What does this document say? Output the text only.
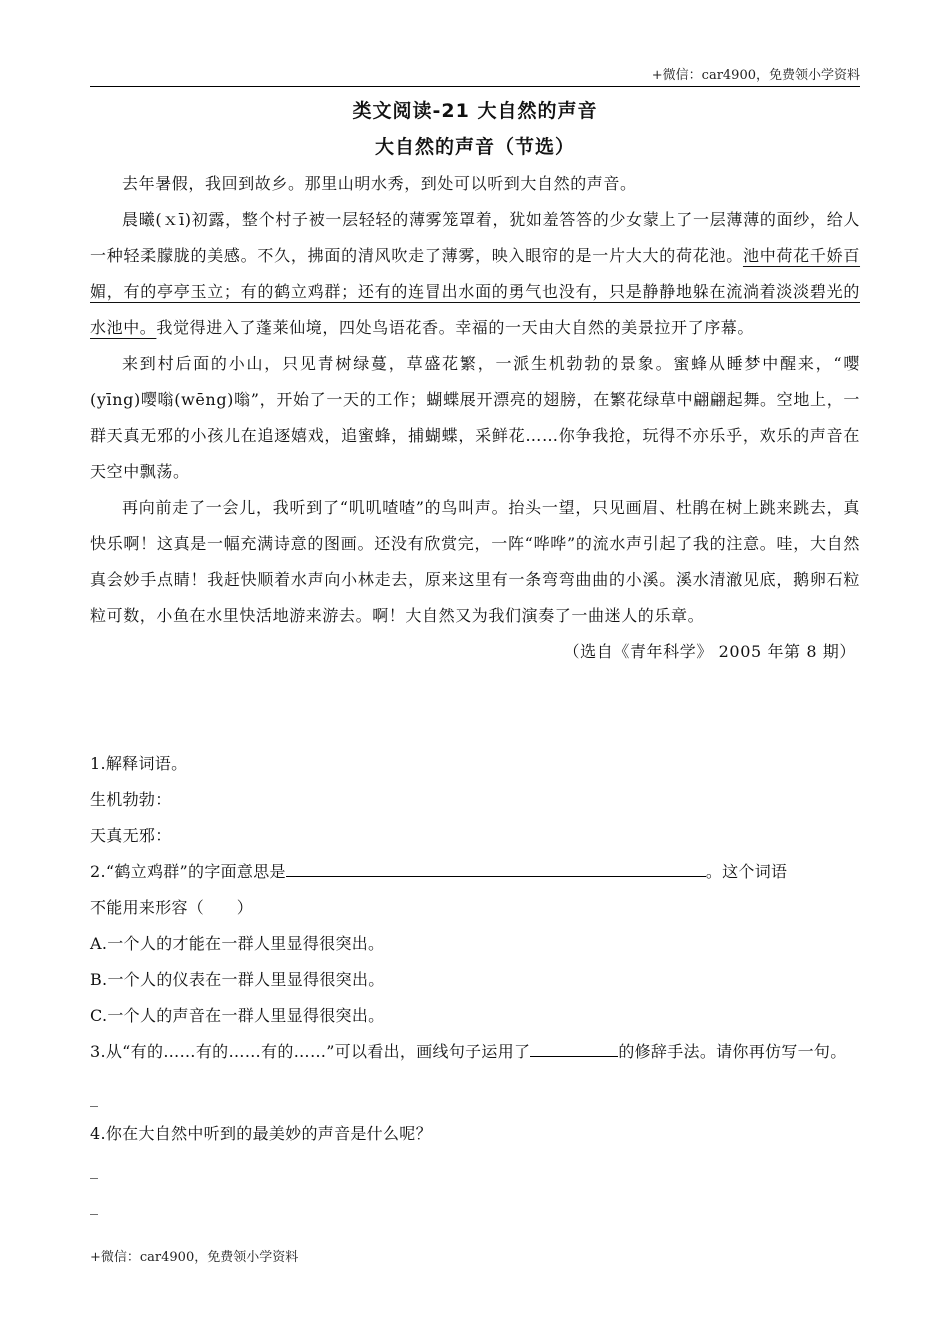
+微信：car4900，免费领小学资料
类文阅读-21 大自然的声音
大自然的声音（节选）

去年暑假，我回到故乡。那里山明水秀，到处可以听到大自然的声音。

晨曦(ｘī)初露，整个村子被一层轻轻的薄雾笼罩着，犹如羞答答的少女蒙上了一层薄薄的面纱，给人一种轻柔朦胧的美感。不久，拂面的清风吹走了薄雾，映入眼帘的是一片大大的荷花池。池中荷花千娇百媚，有的亭亭玉立；有的鹤立鸡群；还有的连冒出水面的勇气也没有，只是静静地躲在流淌着淡淡碧光的水池中。我觉得进入了蓬莱仙境，四处鸟语花香。幸福的一天由大自然的美景拉开了序幕。

来到村后面的小山，只见青树绿蔓，草盛花繁，一派生机勃勃的景象。蜜蜂从睡梦中醒来，“嘤(yīng)嘤嗡(wēng)嗡”，开始了一天的工作；蝴蝶展开漂亮的翅膀，在繁花绿草中翩翩起舞。空地上，一群天真无邪的小孩儿在追逐嬉戏，追蜜蜂，捕蝴蝶，采鲜花……你争我抢，玩得不亦乐乎，欢乐的声音在天空中飘荡。

再向前走了一会儿，我听到了“叽叽喳喳”的鸟叫声。抬头一望，只见画眉、杜鹃在树上跳来跳去，真快乐啊！这真是一幅充满诗意的图画。还没有欣赏完，一阵“哗哗”的流水声引起了我的注意。哇，大自然真会妙手点睛！我赶快顺着水声向小林走去，原来这里有一条弯弯曲曲的小溪。溪水清澈见底，鹅卵石粒粒可数，小鱼在水里快活地游来游去。啊！大自然又为我们演奏了一曲迷人的乐章。

（选自《青年科学》 2005 年第 8 期）

1.解释词语。
生机勃勃：
天真无邪：
2.“鹤立鸡群”的字面意思是	。这个词语
不能用来形容（　　）
A.一个人的才能在一群人里显得很突出。
B.一个人的仪表在一群人里显得很突出。
C.一个人的声音在一群人里显得很突出。
3.从“有的……有的……有的……”可以看出，画线句子运用了	的修辞手法。请你再仿写一句。
_
4.你在大自然中听到的最美妙的声音是什么呢？
_
_
+微信：car4900，免费领小学资料
